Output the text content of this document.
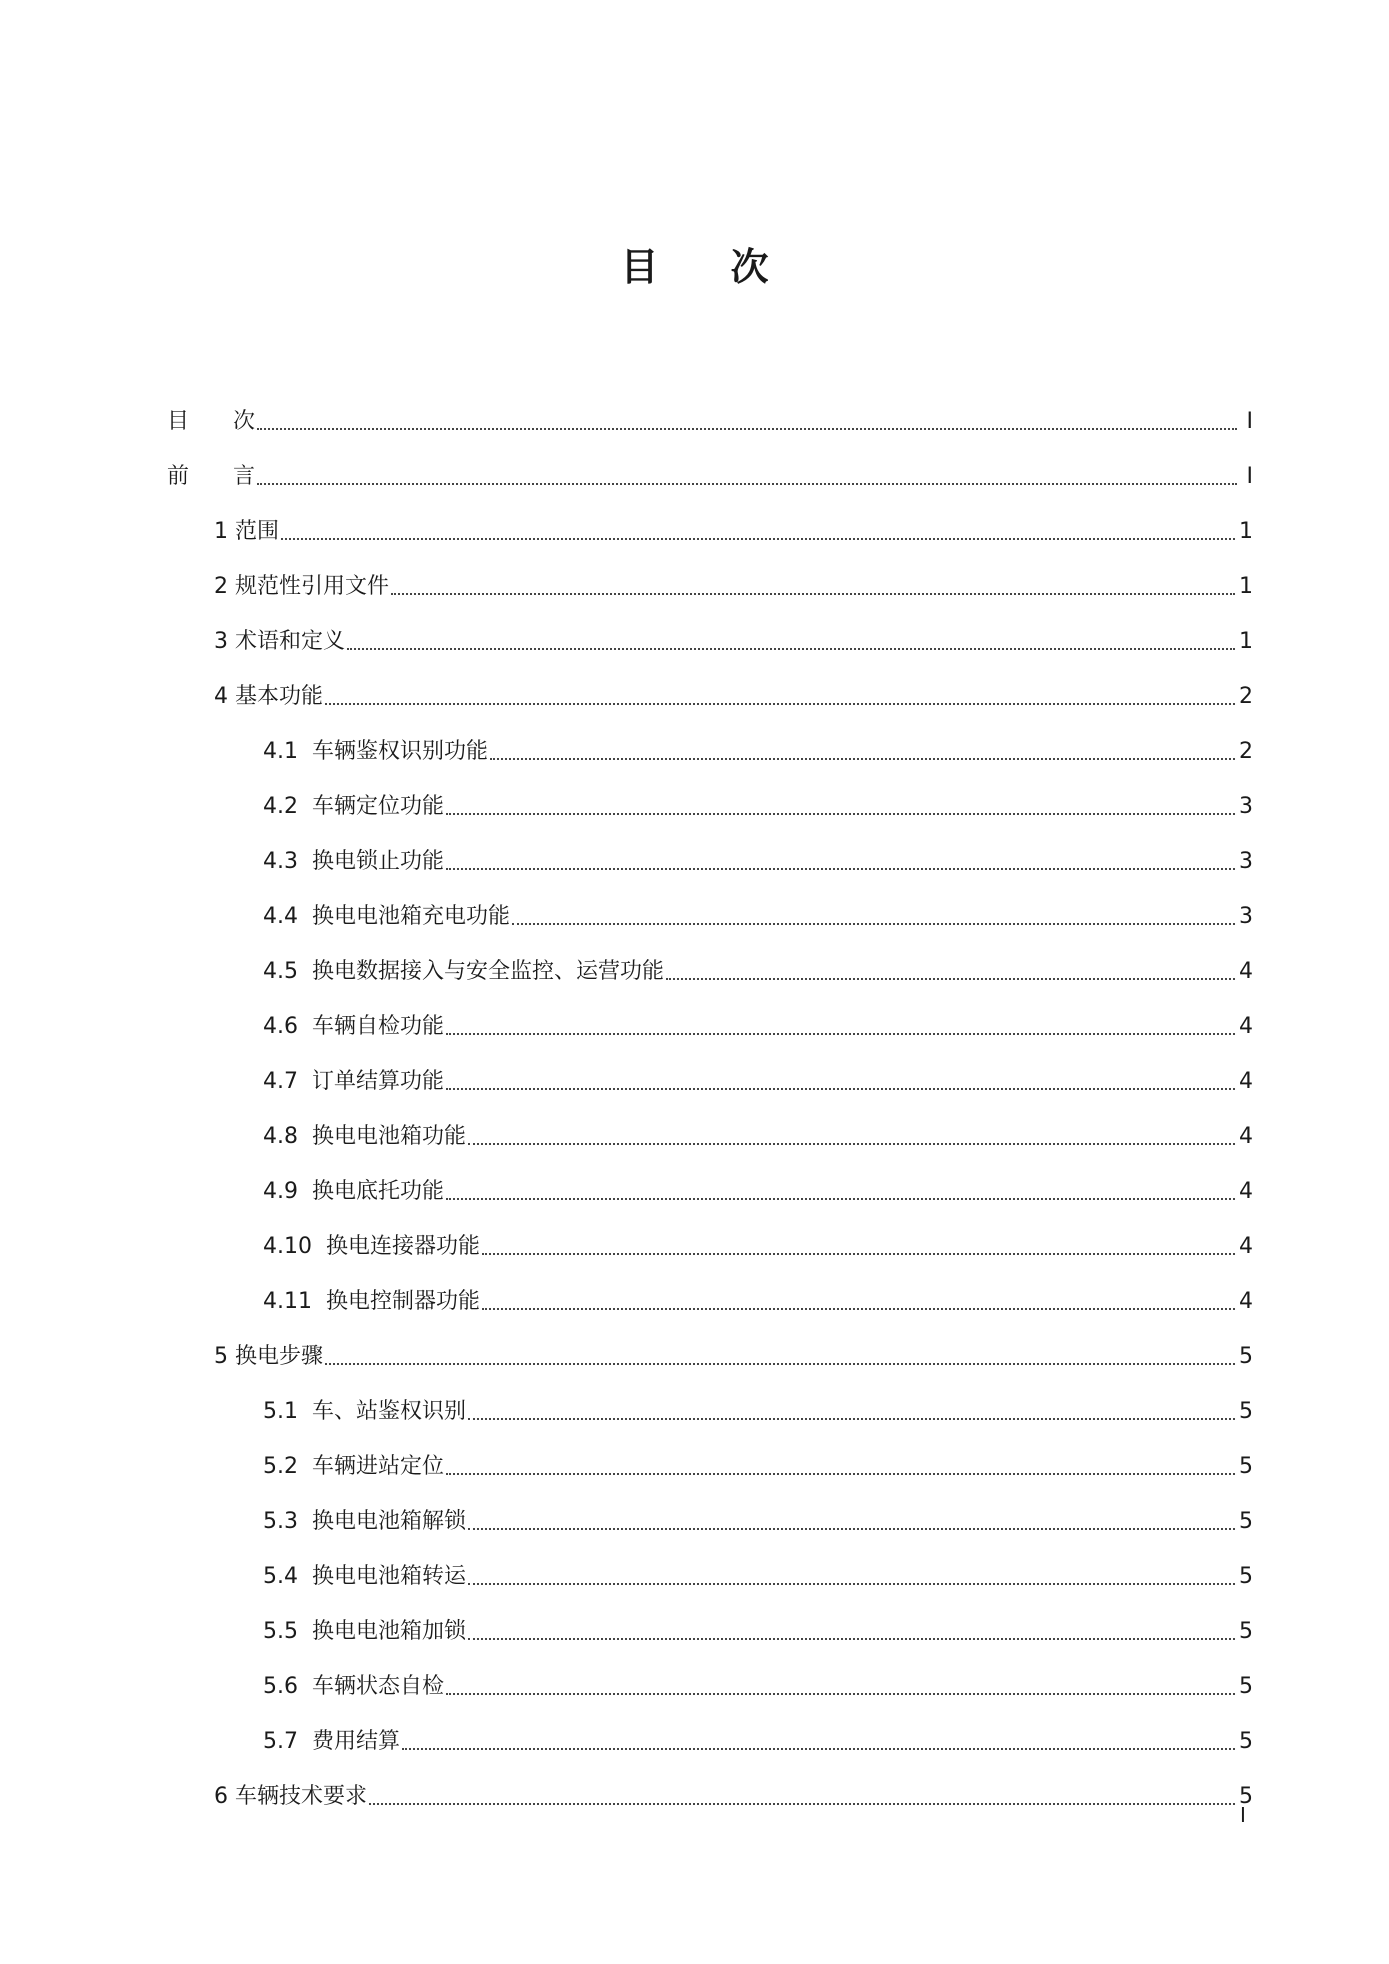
目 次
目　　次	I
前　　言	I
1 范围	1
2 规范性引用文件	1
3 术语和定义	1
4 基本功能	2
4.1  车辆鉴权识别功能	2
4.2  车辆定位功能	3
4.3  换电锁止功能	3
4.4  换电电池箱充电功能	3
4.5  换电数据接入与安全监控、运营功能	4
4.6  车辆自检功能	4
4.7  订单结算功能	4
4.8  换电电池箱功能	4
4.9  换电底托功能	4
4.10  换电连接器功能	4
4.11  换电控制器功能	4
5 换电步骤	5
5.1  车、站鉴权识别	5
5.2  车辆进站定位	5
5.3  换电电池箱解锁	5
5.4  换电电池箱转运	5
5.5  换电电池箱加锁	5
5.6  车辆状态自检	5
5.7  费用结算	5
6 车辆技术要求	5
I
